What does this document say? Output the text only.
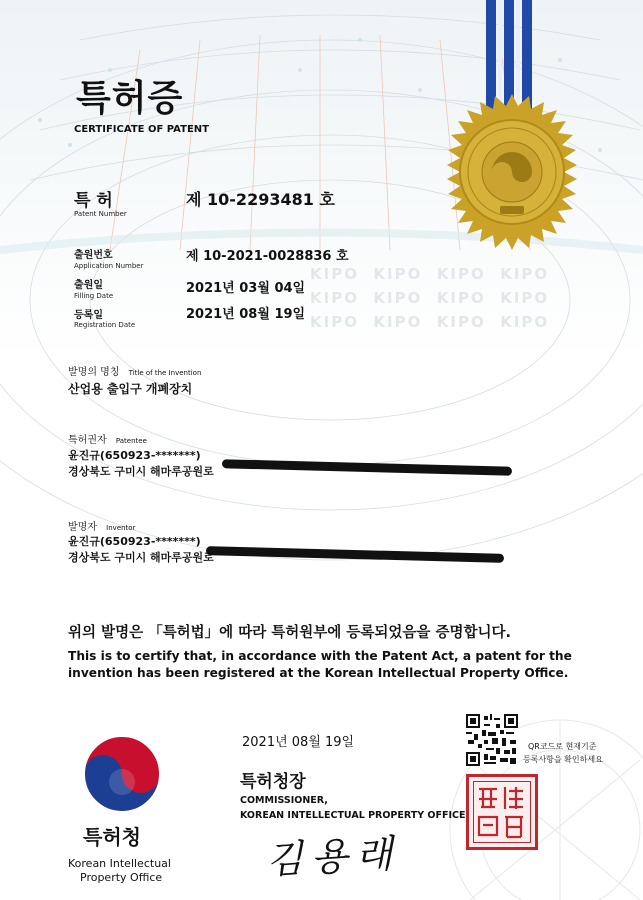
KIPO KIPO KIPO KIPO
KIPO KIPO KIPO KIPO
KIPO KIPO KIPO KIPO
특허증
CERTIFICATE OF PATENT
특 허
Patent Number
제 10-2293481 호
출원번호
Application Number
제 10-2021-0028836 호
출원일
Filling Date	2021년 03월 04일
등록일
Registration Date
2021년 08월 19일
발명의 명칭 Title of the Invention
산업용 출입구 개폐장치
특허권자 Patentee
윤진규(650923-*******)
경상북도 구미시 해마루공원로
발명자 Inventor
윤진규(650923-*******)
경상북도 구미시 해마루공원로
위의 발명은 「특허법」에 따라 특허원부에 등록되었음을 증명합니다.
This is to certify that, in accordance with the Patent Act, a patent for the
invention has been registered at the Korean Intellectual Property Office.
2021년 08월 19일
특허청
Korean Intellectual
Property Office
특허청장
COMMISSIONER,
KOREAN INTELLECTUAL PROPERTY OFFICE
김 용 래
QR코드로 현재기준
등록사항을 확인하세요
